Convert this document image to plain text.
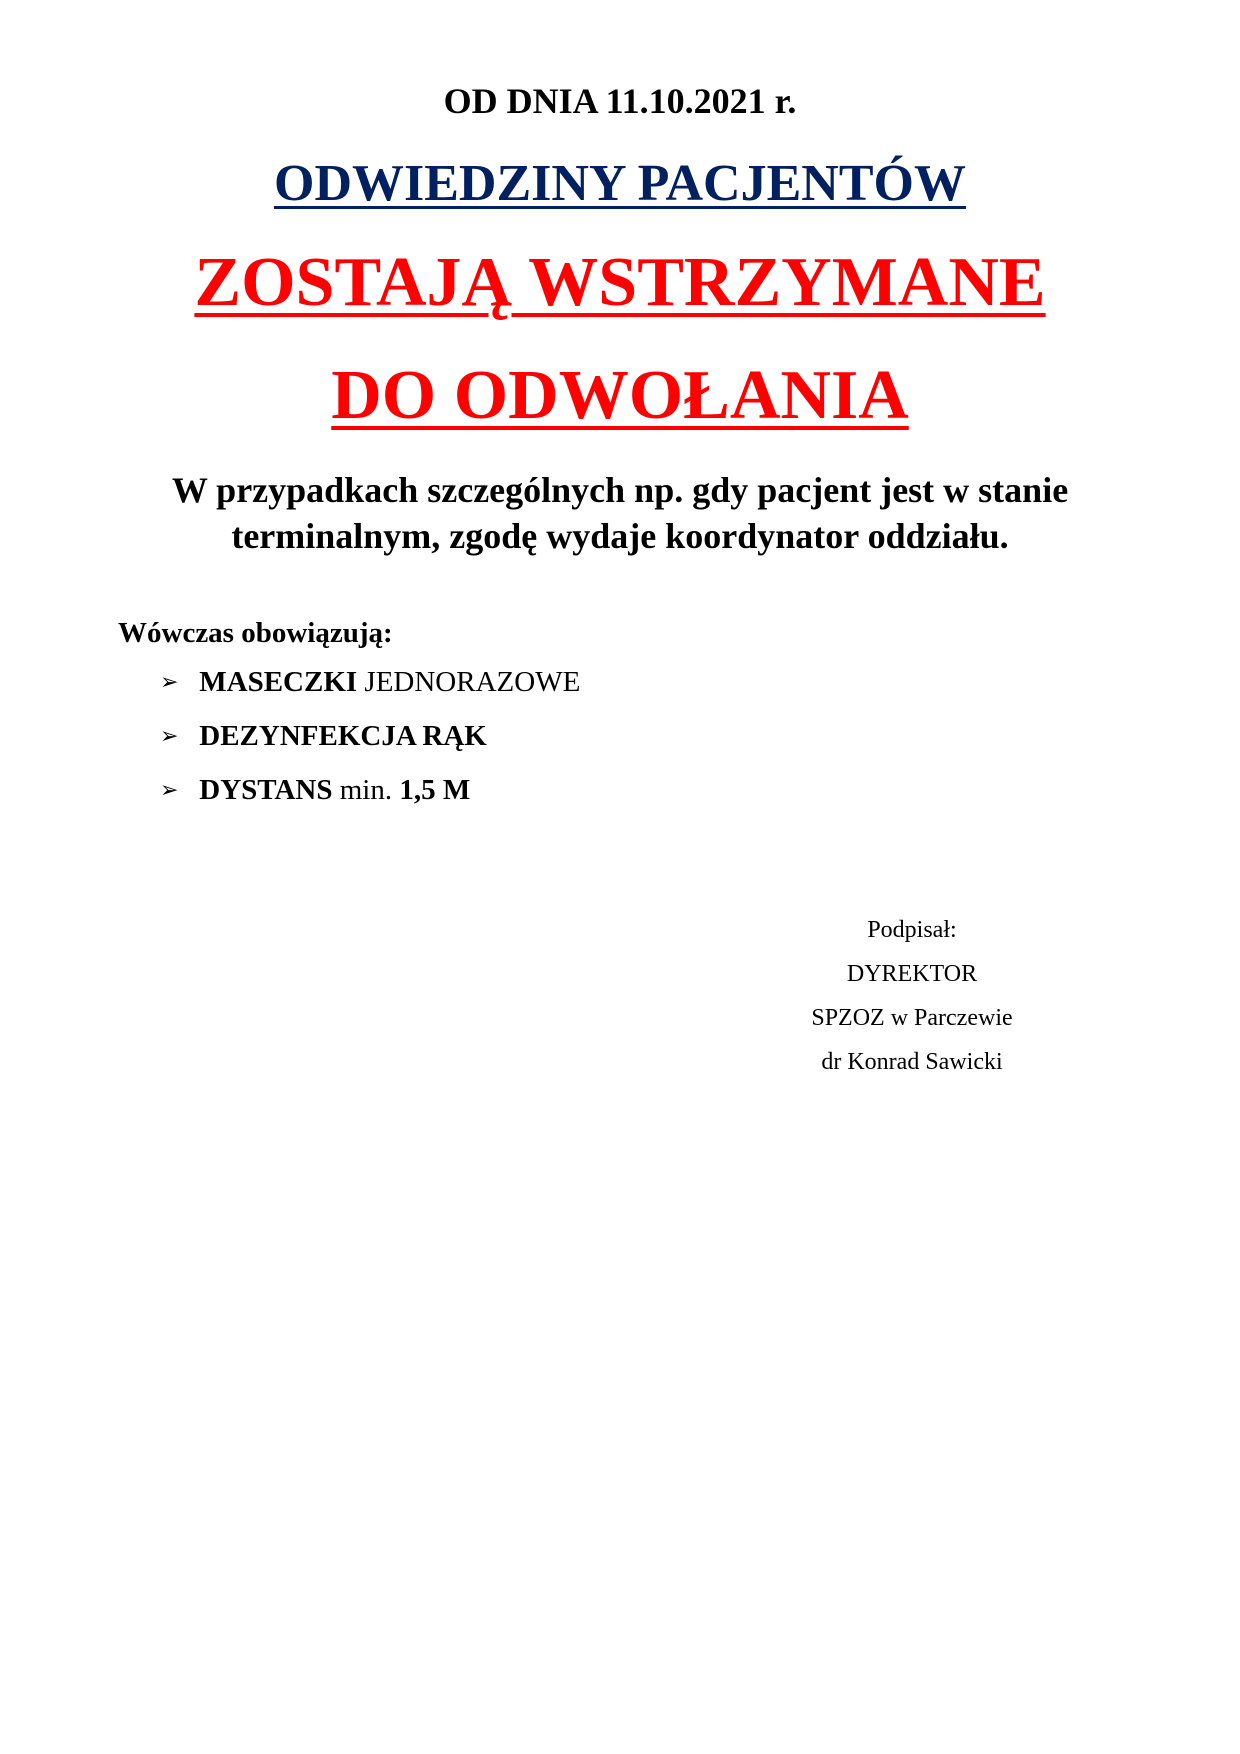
OD DNIA 11.10.2021 r.
ODWIEDZINY PACJENTÓW
ZOSTAJĄ WSTRZYMANE
DO ODWOŁANIA
W przypadkach szczególnych np. gdy pacjent jest w stanie
terminalnym, zgodę wydaje koordynator oddziału.
Wówczas obowiązują:
➢ MASECZKI JEDNORAZOWE
➢ DEZYNFEKCJA RĄK
➢ DYSTANS min. 1,5 M
Podpisał:
DYREKTOR
SPZOZ w Parczewie
dr Konrad Sawicki
